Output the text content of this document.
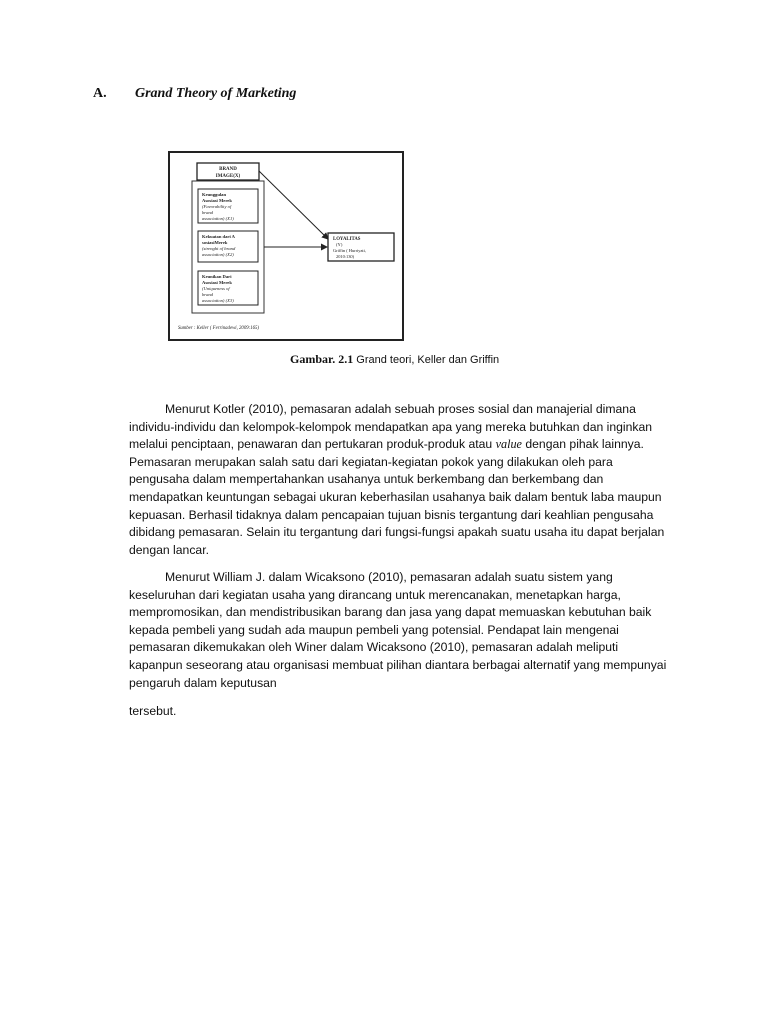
A. Grand Theory of Marketing
BRAND
IMAGE(X)
Keunggulan
Asosiasi Merek
(Favorability of
brand
association) (X1)
Kekuatan dari A
sosiasiMerek
(strenght of brand
association) (X2)
Keunikan Dari
Asosiasi Merek
(Uniqueness of
brand
association) (X3)
LOYALITAS
(Y)
Griffin ( Hurriyati,
2010:130)
Sumber : Keller ( Ferrinadewi, 2009:165)
Gambar. 2.1 Grand teori, Keller dan Griffin

Menurut Kotler (2010), pemasaran adalah sebuah proses sosial dan manajerial dimana individu-individu dan kelompok-kelompok mendapatkan apa yang mereka butuhkan dan inginkan melalui penciptaan, penawaran dan pertukaran produk-produk atau value dengan pihak lainnya. Pemasaran merupakan salah satu dari kegiatan-kegiatan pokok yang dilakukan oleh para pengusaha dalam mempertahankan usahanya untuk berkembang dan berkembang dan mendapatkan keuntungan sebagai ukuran keberhasilan usahanya baik dalam bentuk laba maupun kepuasan. Berhasil tidaknya dalam pencapaian tujuan bisnis tergantung dari keahlian pengusaha dibidang pemasaran. Selain itu tergantung dari fungsi-fungsi apakah suatu usaha itu dapat berjalan dengan lancar.

Menurut William J. dalam Wicaksono (2010), pemasaran adalah suatu sistem yang keseluruhan dari kegiatan usaha yang dirancang untuk merencanakan, menetapkan harga, mempromosikan, dan mendistribusikan barang dan jasa yang dapat memuaskan kebutuhan baik kepada pembeli yang sudah ada maupun pembeli yang potensial. Pendapat lain mengenai pemasaran dikemukakan oleh Winer dalam Wicaksono (2010), pemasaran adalah meliputi kapanpun seseorang atau organisasi membuat pilihan diantara berbagai alternatif yang mempunyai pengaruh dalam keputusan

tersebut.
